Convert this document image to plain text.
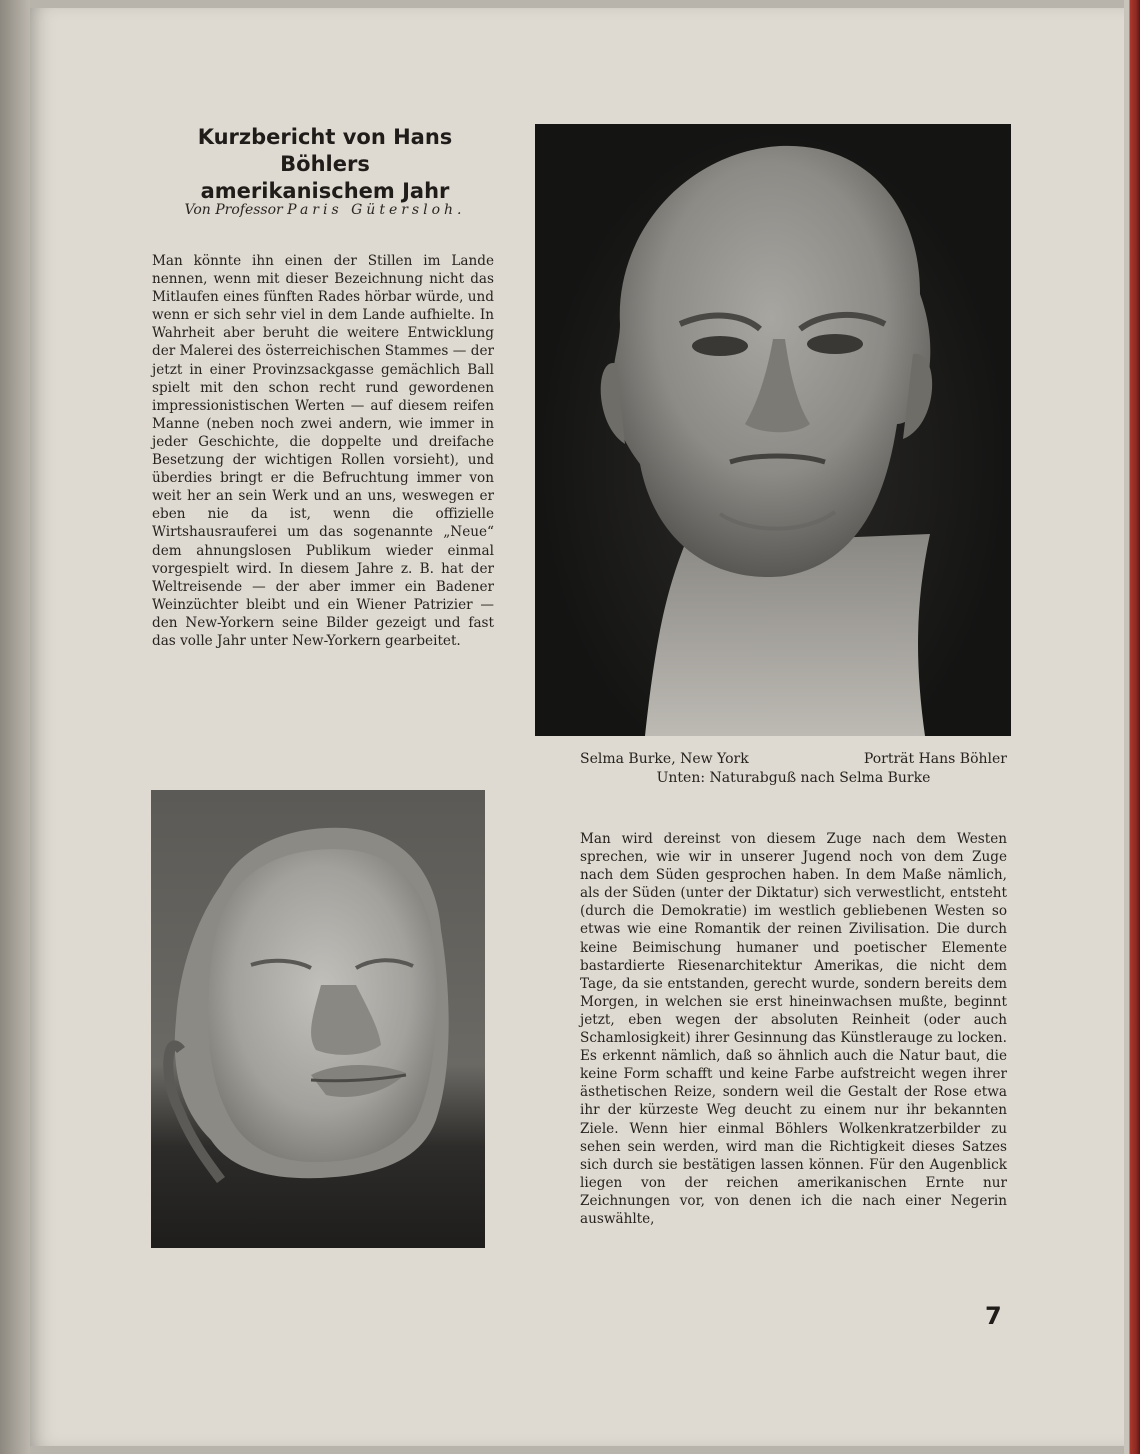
Kurzbericht von Hans Böhlers
amerikanischem Jahr
Von Professor Paris Gütersloh.

Man könnte ihn einen der Stillen im Lande nennen, wenn mit dieser Bezeichnung nicht das Mitlaufen eines fünften Rades hörbar würde, und wenn er sich sehr viel in dem Lande aufhielte. In Wahrheit aber beruht die weitere Entwicklung der Malerei des österreichischen Stammes — der jetzt in einer Provinzsackgasse gemächlich Ball spielt mit den schon recht rund gewordenen impressionistischen Werten — auf diesem reifen Manne (neben noch zwei andern, wie immer in jeder Geschichte, die doppelte und dreifache Besetzung der wichtigen Rollen vorsieht), und überdies bringt er die Befruchtung immer von weit her an sein Werk und an uns, weswegen er eben nie da ist, wenn die offizielle Wirtshausrauferei um das sogenannte „Neue“ dem ahnungslosen Publikum wieder einmal vorgespielt wird. In diesem Jahre z. B. hat der Weltreisende — der aber immer ein Badener Weinzüchter bleibt und ein Wiener Patrizier — den New-Yorkern seine Bilder gezeigt und fast das volle Jahr unter New-Yorkern gearbeitet.

Selma Burke, New York	Porträt Hans Böhler
Unten: Naturabguß nach Selma Burke

Man wird dereinst von diesem Zuge nach dem Westen sprechen, wie wir in unserer Jugend noch von dem Zuge nach dem Süden gesprochen haben. In dem Maße nämlich, als der Süden (unter der Diktatur) sich verwestlicht, entsteht (durch die Demokratie) im westlich gebliebenen Westen so etwas wie eine Romantik der reinen Zivilisation. Die durch keine Beimischung humaner und poetischer Elemente bastardierte Riesenarchitektur Amerikas, die nicht dem Tage, da sie entstanden, gerecht wurde, sondern bereits dem Morgen, in welchen sie erst hineinwachsen mußte, beginnt jetzt, eben wegen der absoluten Reinheit (oder auch Schamlosigkeit) ihrer Gesinnung das Künstlerauge zu locken. Es erkennt nämlich, daß so ähnlich auch die Natur baut, die keine Form schafft und keine Farbe aufstreicht wegen ihrer ästhetischen Reize, sondern weil die Gestalt der Rose etwa ihr der kürzeste Weg deucht zu einem nur ihr bekannten Ziele. Wenn hier einmal Böhlers Wolkenkratzerbilder zu sehen sein werden, wird man die Richtigkeit dieses Satzes sich durch sie bestätigen lassen können. Für den Augenblick liegen von der reichen amerikanischen Ernte nur Zeichnungen vor, von denen ich die nach einer Negerin auswählte,

7
